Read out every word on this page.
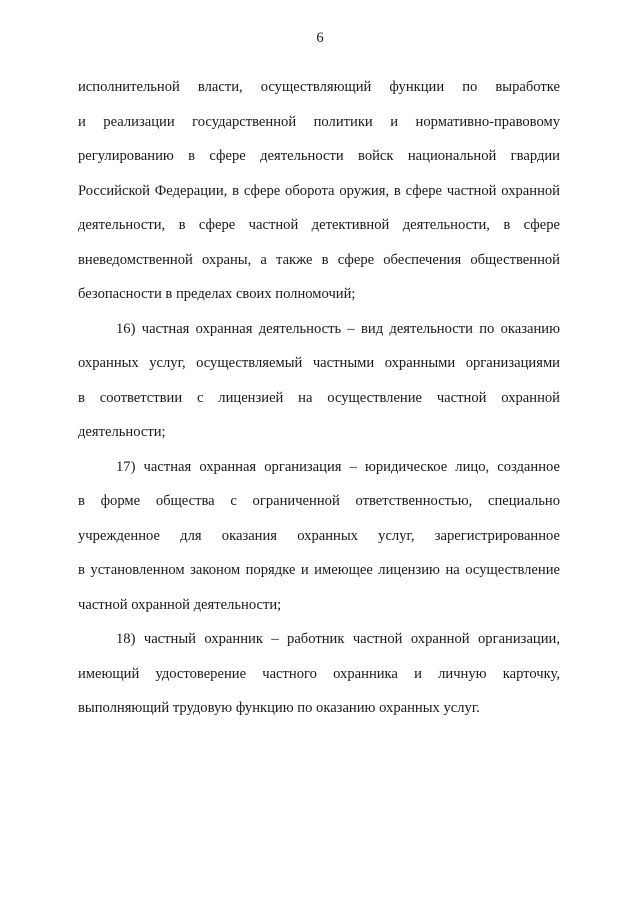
6
исполнительной власти, осуществляющий функции по выработке
и реализации государственной политики и нормативно-правовому
регулированию в сфере деятельности войск национальной гвардии
Российской Федерации, в сфере оборота оружия, в сфере частной охранной
деятельности, в сфере частной детективной деятельности, в сфере
вневедомственной охраны, а также в сфере обеспечения общественной
безопасности в пределах своих полномочий;
16) частная охранная деятельность – вид деятельности по оказанию
охранных услуг, осуществляемый частными охранными организациями
в соответствии с лицензией на осуществление частной охранной
деятельности;
17) частная охранная организация – юридическое лицо, созданное
в форме общества с ограниченной ответственностью, специально
учрежденное для оказания охранных услуг, зарегистрированное
в установленном законом порядке и имеющее лицензию на осуществление
частной охранной деятельности;
18) частный охранник – работник частной охранной организации,
имеющий удостоверение частного охранника и личную карточку,
выполняющий трудовую функцию по оказанию охранных услуг.
